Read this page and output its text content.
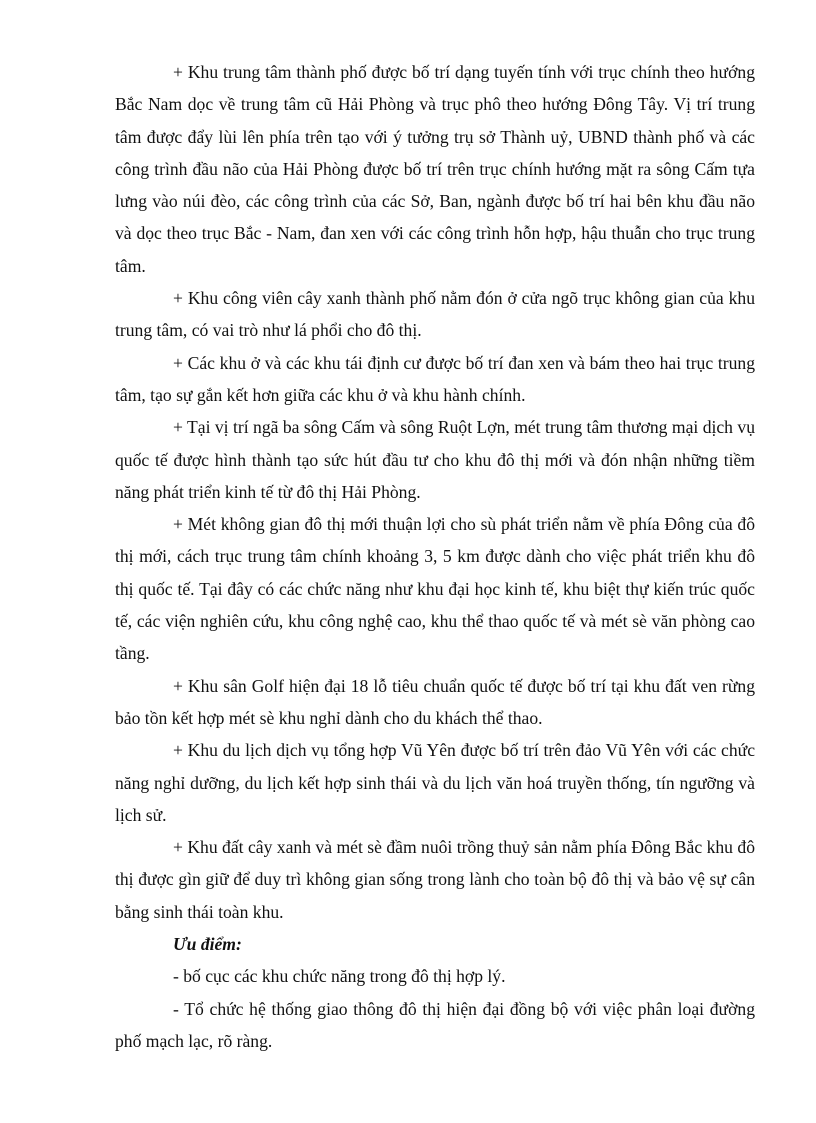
+ Khu trung tâm thành phố được bố trí dạng tuyến tính với trục chính theo hướng Bắc Nam dọc về trung tâm cũ Hải Phòng và trục phô theo hướng Đông Tây. Vị trí trung tâm được đẩy lùi lên phía trên tạo với ý tưởng trụ sở Thành uỷ, UBND thành phố và các công trình đầu não của Hải Phòng được bố trí trên trục chính hướng mặt ra sông Cấm tựa lưng vào núi đèo, các công trình của các Sở, Ban, ngành được bố trí hai bên khu đầu não và dọc theo trục Bắc - Nam, đan xen với các công trình hỗn hợp, hậu thuẫn cho trục trung tâm.

+ Khu công viên cây xanh thành phố nằm đón ở cửa ngõ trục không gian của khu trung tâm, có vai trò như lá phổi cho đô thị.

+ Các khu ở và các khu tái định cư được bố trí đan xen và bám theo hai trục trung tâm, tạo sự gắn kết hơn giữa các khu ở và khu hành chính.

+ Tại vị trí ngã ba sông Cấm và sông Ruột Lợn, mét trung tâm thương mại dịch vụ quốc tế được hình thành tạo sức hút đầu tư cho khu đô thị mới và đón nhận những tiềm năng phát triển kinh tế từ đô thị Hải Phòng.

+ Mét không gian đô thị mới thuận lợi cho sù phát triển nằm về phía Đông của đô thị mới, cách trục trung tâm chính khoảng 3, 5 km được dành cho việc phát triển khu đô thị quốc tế. Tại đây có các chức năng như khu đại học kinh tế, khu biệt thự kiến trúc quốc tế, các viện nghiên cứu, khu công nghệ cao, khu thể thao quốc tế và mét sè văn phòng cao tầng.

+ Khu sân Golf hiện đại 18 lỗ tiêu chuẩn quốc tế được bố trí tại khu đất ven rừng bảo tồn kết hợp mét sè khu nghỉ dành cho du khách thể thao.

+ Khu du lịch dịch vụ tổng hợp Vũ Yên được bố trí trên đảo Vũ Yên với các chức năng nghỉ dưỡng, du lịch kết hợp sinh thái và du lịch văn hoá truyền thống, tín ngưỡng và lịch sử.

+ Khu đất cây xanh và mét sè đầm nuôi trồng thuỷ sản nằm phía Đông Bắc khu đô thị được gìn giữ để duy trì không gian sống trong lành cho toàn bộ đô thị và bảo vệ sự cân bằng sinh thái toàn khu.

Ưu điểm:

- bố cục các khu chức năng trong đô thị hợp lý.

- Tổ chức hệ thống giao thông đô thị hiện đại đồng bộ với việc phân loại đường phố mạch lạc, rõ ràng.
